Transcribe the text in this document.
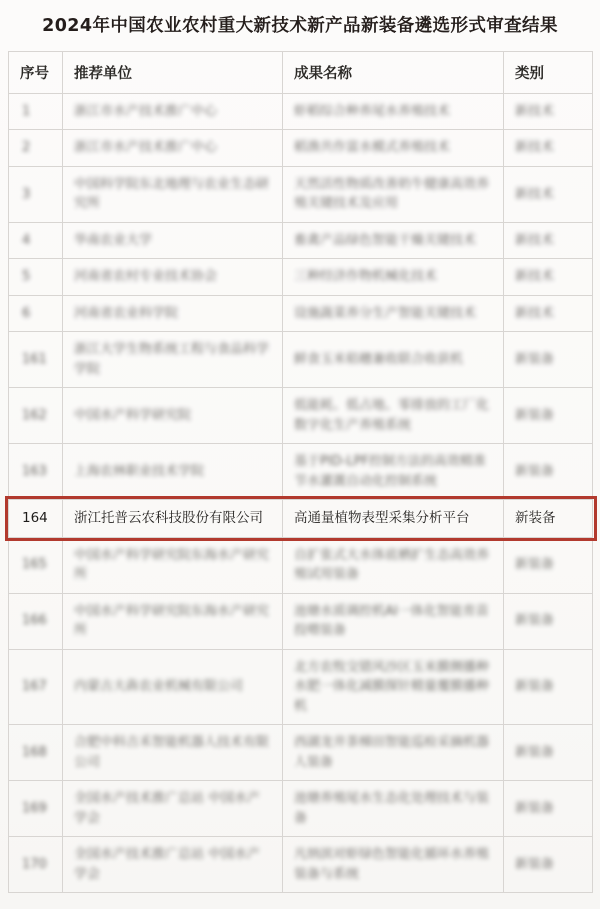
2024年中国农业农村重大新技术新产品新装备遴选形式审查结果
序号	推荐单位	成果名称	类别
1	浙江市水产技术推广中心	虾稻综合种养尾水养殖技术	新技术
2	浙江市水产技术推广中心	稻渔共作富水模式养殖技术	新技术
3	中国科学院东北地理与农业生态研究所	天然活性物质改善奶牛健康高效养殖关键技术及应用	新技术
4	华南农业大学	畜禽产品绿色智能干燥关键技术	新技术
5	河南省农村专业技术协会	三种经济作物机械化技术	新技术
6	河南省农业科学院	设施蔬菜养分生产智能关键技术	新技术
161	浙江大学生物系统工程与食品科学学院	鲜食玉米秸穗兼收联合收获机	新装备
162	中国水产科学研究院	低能耗、低占地、零排放的工厂化数字化生产养殖系统	新装备
163	上海农林职业技术学院	基于PID-LPF控制方法的高效精准节水灌溉自动化控制系统	新装备
164	浙江托普云农科技股份有限公司	高通量植物表型采集分析平台	新装备
165	中国水产科学研究院东海水产研究所	自扩张式大水体底栖扩生态高效养殖试用装备	新装备
166	中国水产科学研究院东海水产研究所	池塘水质调控机AI一体化智能育苗投喂装备	新装备
167	内蒙古大犇农业机械有限公司	北方农牧交错风沙区玉米膜侧播种水肥一体化减膜探针精量覆膜播种机	新装备
168	合肥中科吉禾智能机器人技术有限公司	西湖龙井茶梯田智能巡检采摘机器人装备	新装备
169	全国水产技术推广总站 中国水产学会	池塘养殖尾水生态化处理技术与装备	新装备
170	全国水产技术推广总站 中国水产学会	凡纳滨对虾绿色智能化循环水养殖装备与系统	新装备
